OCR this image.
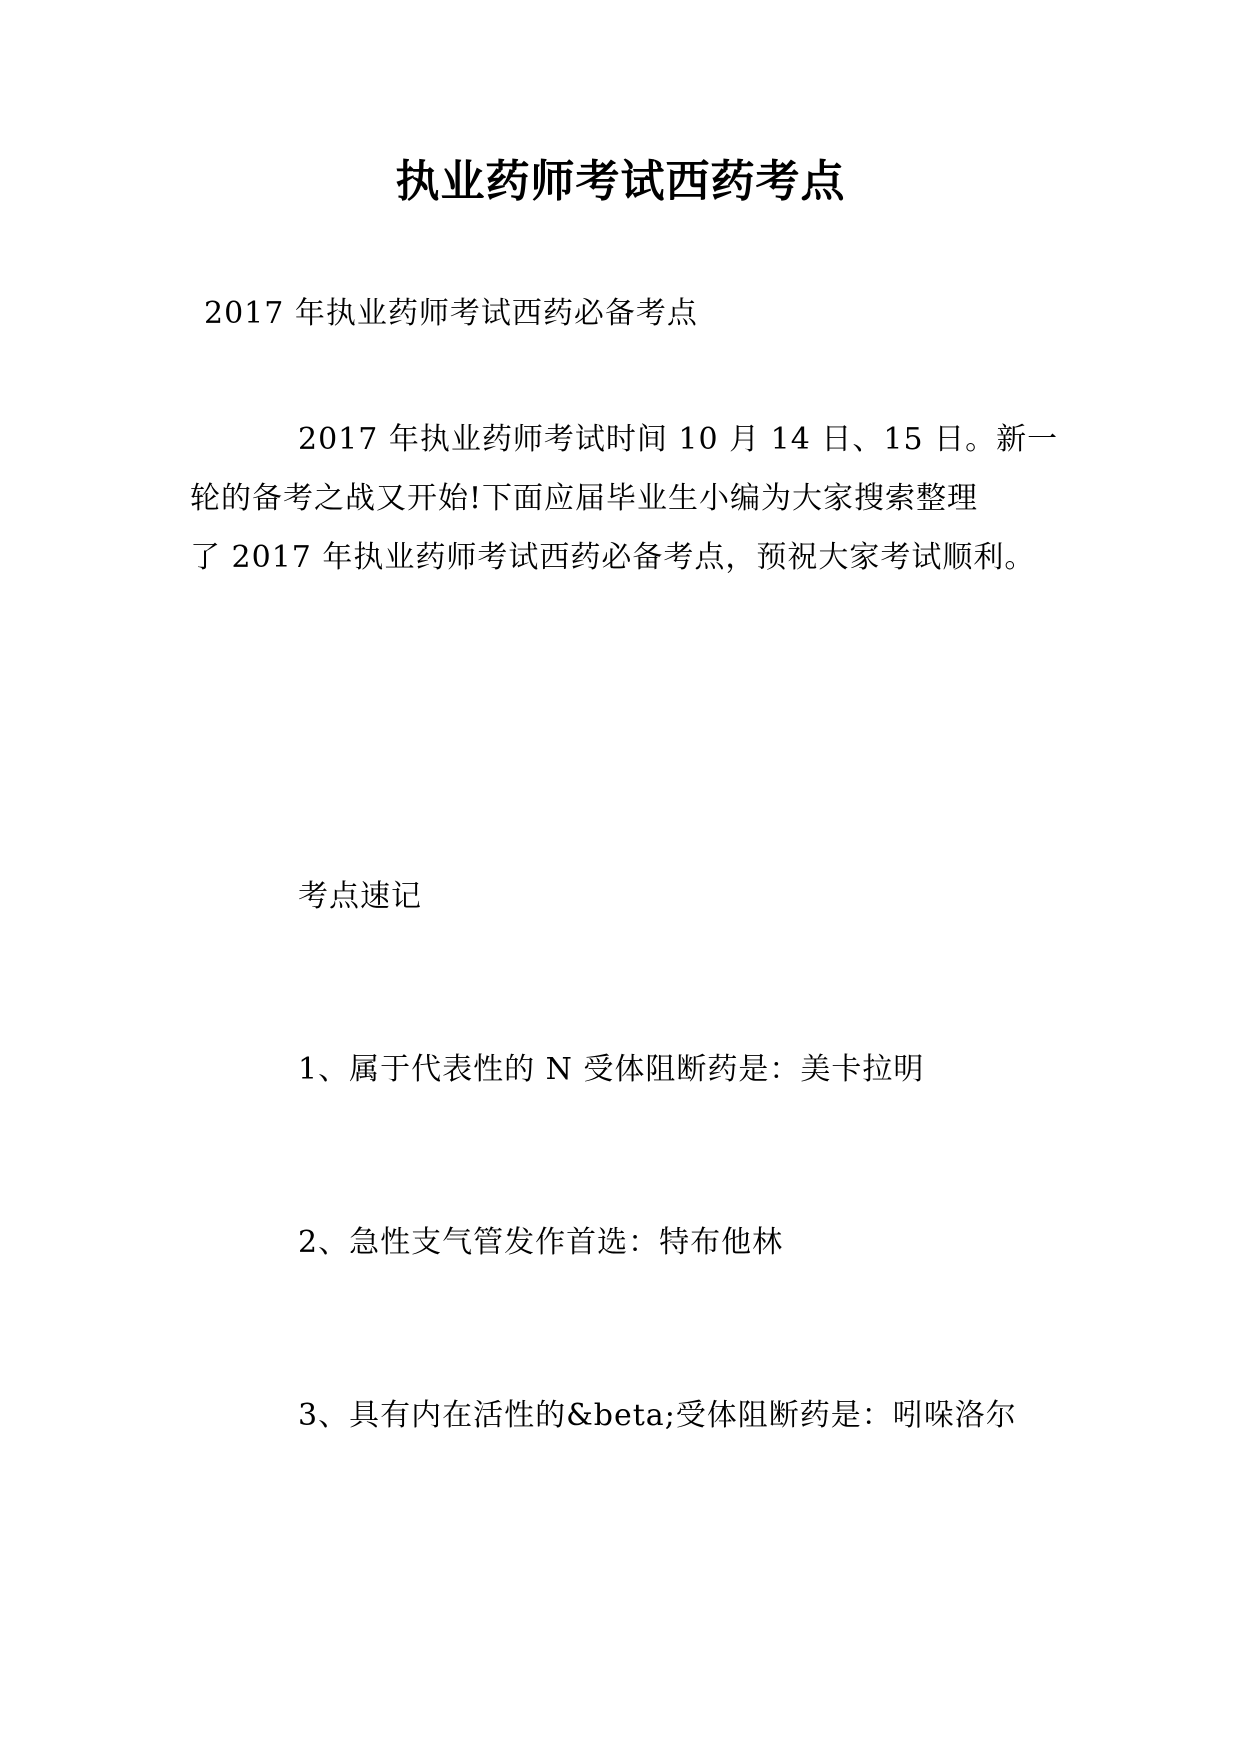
执业药师考试西药考点
2017 年执业药师考试西药必备考点
2017 年执业药师考试时间 10 月 14 日、15 日。新一
轮的备考之战又开始!下面应届毕业生小编为大家搜索整理
了 2017 年执业药师考试西药必备考点，预祝大家考试顺利。
考点速记
1、属于代表性的 N 受体阻断药是：美卡拉明
2、急性支气管发作首选：特布他林
3、具有内在活性的&beta;受体阻断药是：吲哚洛尔
